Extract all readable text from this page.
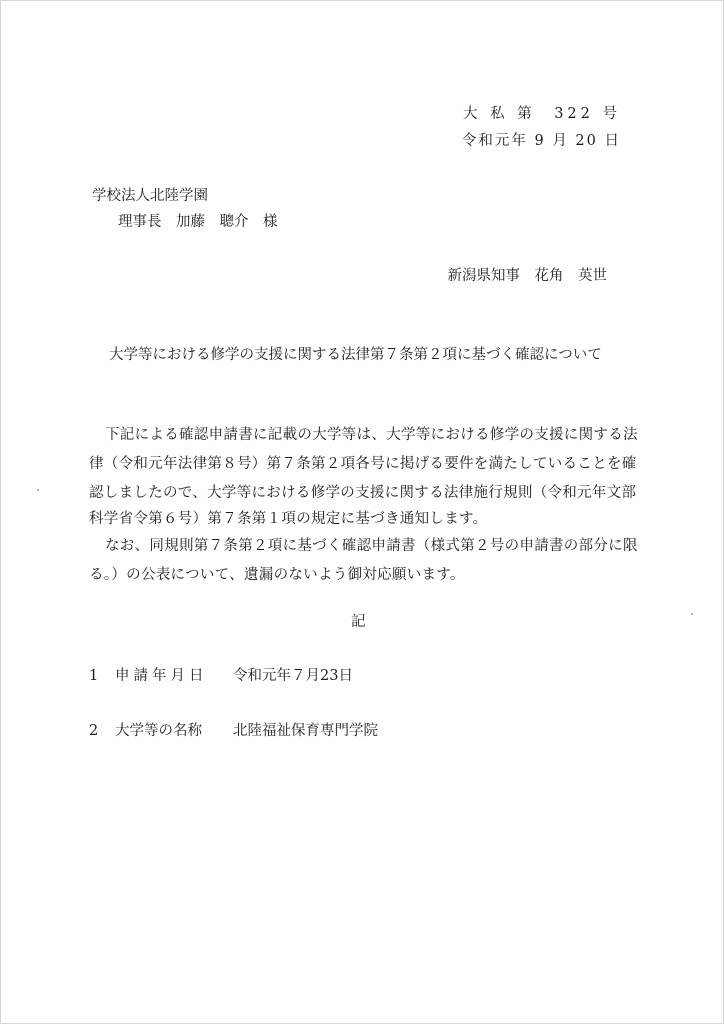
大 私 第　322 号
令和元年 9 月 20 日
学校法人北陸学園
理事長　加藤　聰介　様
新潟県知事　花角　英世
大学等における修学の支援に関する法律第７条第２項に基づく確認について
下記による確認申請書に記載の大学等は、大学等における修学の支援に関する法
律（令和元年法律第８号）第７条第２項各号に掲げる要件を満たしていることを確
認しましたので、大学等における修学の支援に関する法律施行規則（令和元年文部
科学省令第６号）第７条第１項の規定に基づき通知します。
なお、同規則第７条第２項に基づく確認申請書（様式第２号の申請書の部分に限
る。）の公表について、遺漏のないよう御対応願います。
記
1 申請年月日 令和元年７月23日
2 大学等の名称 北陸福祉保育専門学院
